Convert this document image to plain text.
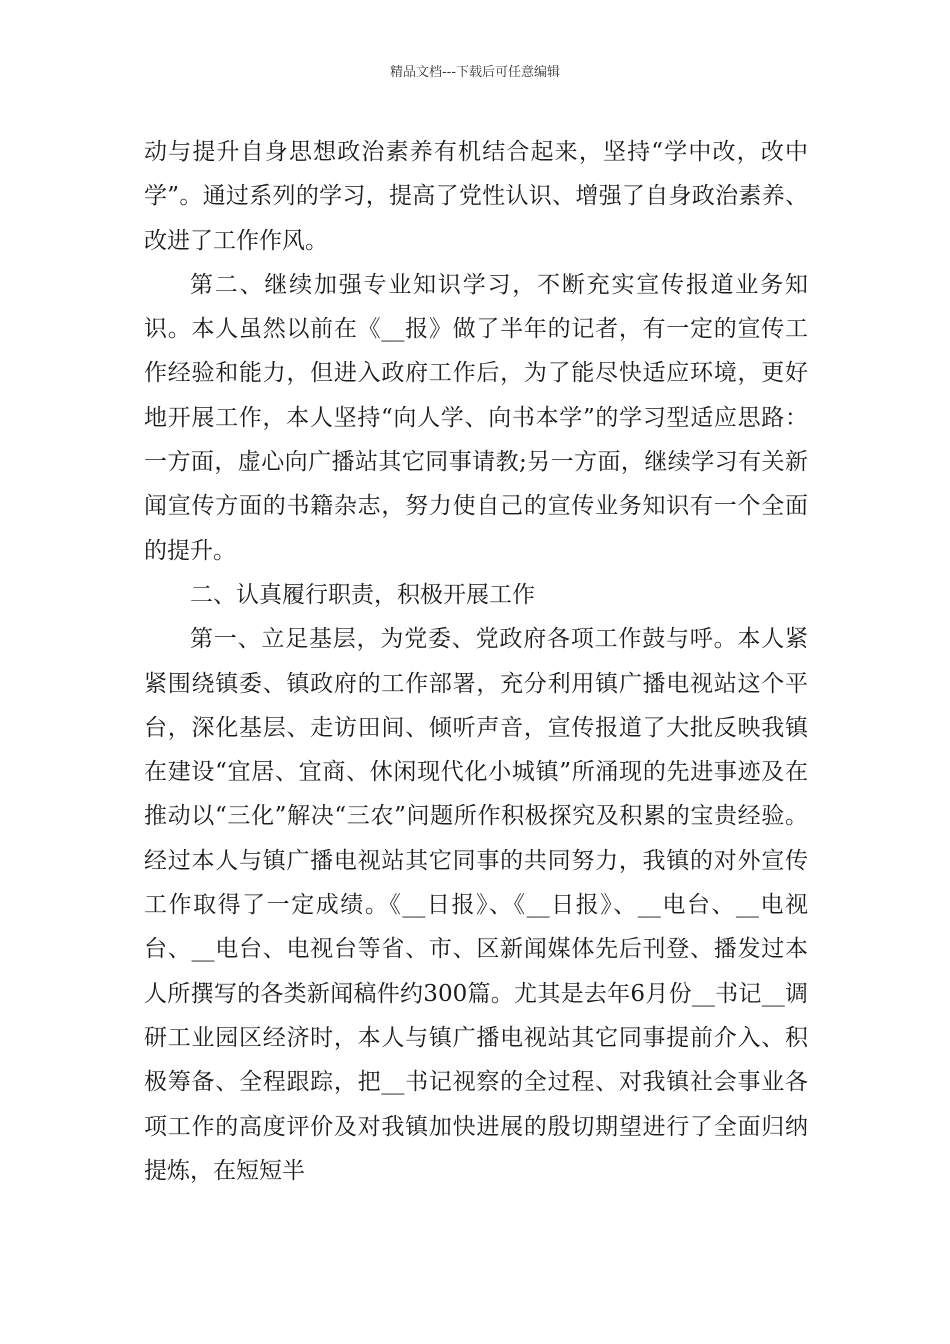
精品文档---下载后可任意编辑

动与提升自身思想政治素养有机结合起来，坚持“学中改，改中学”。通过系列的学习，提高了党性认识、增强了自身政治素养、改进了工作作风。

第二、继续加强专业知识学习，不断充实宣传报道业务知识。本人虽然以前在《__报》做了半年的记者，有一定的宣传工作经验和能力，但进入政府工作后，为了能尽快适应环境，更好地开展工作，本人坚持“向人学、向书本学”的学习型适应思路：一方面，虚心向广播站其它同事请教;另一方面，继续学习有关新闻宣传方面的书籍杂志，努力使自己的宣传业务知识有一个全面的提升。

二、认真履行职责，积极开展工作

第一、立足基层，为党委、党政府各项工作鼓与呼。本人紧紧围绕镇委、镇政府的工作部署，充分利用镇广播电视站这个平台，深化基层、走访田间、倾听声音，宣传报道了大批反映我镇在建设“宜居、宜商、休闲现代化小城镇”所涌现的先进事迹及在推动以“三化”解决“三农”问题所作积极探究及积累的宝贵经验。经过本人与镇广播电视站其它同事的共同努力，我镇的对外宣传工作取得了一定成绩。《__日报》、《__日报》、__电台、__电视台、__电台、电视台等省、市、区新闻媒体先后刊登、播发过本人所撰写的各类新闻稿件约300篇。尤其是去年6月份__书记__调研工业园区经济时，本人与镇广播电视站其它同事提前介入、积极筹备、全程跟踪，把__书记视察的全过程、对我镇社会事业各项工作的高度评价及对我镇加快进展的殷切期望进行了全面归纳提炼，在短短半
